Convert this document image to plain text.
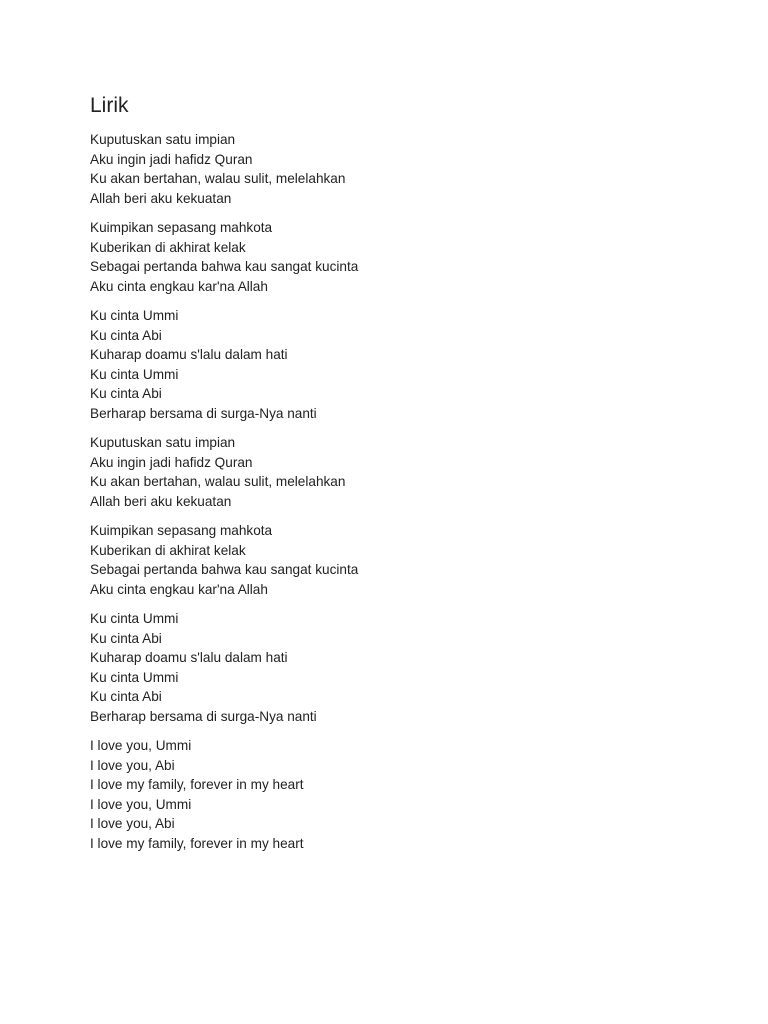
Lirik
Kuputuskan satu impian
Aku ingin jadi hafidz Quran
Ku akan bertahan, walau sulit, melelahkan
Allah beri aku kekuatan
Kuimpikan sepasang mahkota
Kuberikan di akhirat kelak
Sebagai pertanda bahwa kau sangat kucinta
Aku cinta engkau kar'na Allah
Ku cinta Ummi
Ku cinta Abi
Kuharap doamu s'lalu dalam hati
Ku cinta Ummi
Ku cinta Abi
Berharap bersama di surga-Nya nanti
Kuputuskan satu impian
Aku ingin jadi hafidz Quran
Ku akan bertahan, walau sulit, melelahkan
Allah beri aku kekuatan
Kuimpikan sepasang mahkota
Kuberikan di akhirat kelak
Sebagai pertanda bahwa kau sangat kucinta
Aku cinta engkau kar'na Allah
Ku cinta Ummi
Ku cinta Abi
Kuharap doamu s'lalu dalam hati
Ku cinta Ummi
Ku cinta Abi
Berharap bersama di surga-Nya nanti
I love you, Ummi
I love you, Abi
I love my family, forever in my heart
I love you, Ummi
I love you, Abi
I love my family, forever in my heart
